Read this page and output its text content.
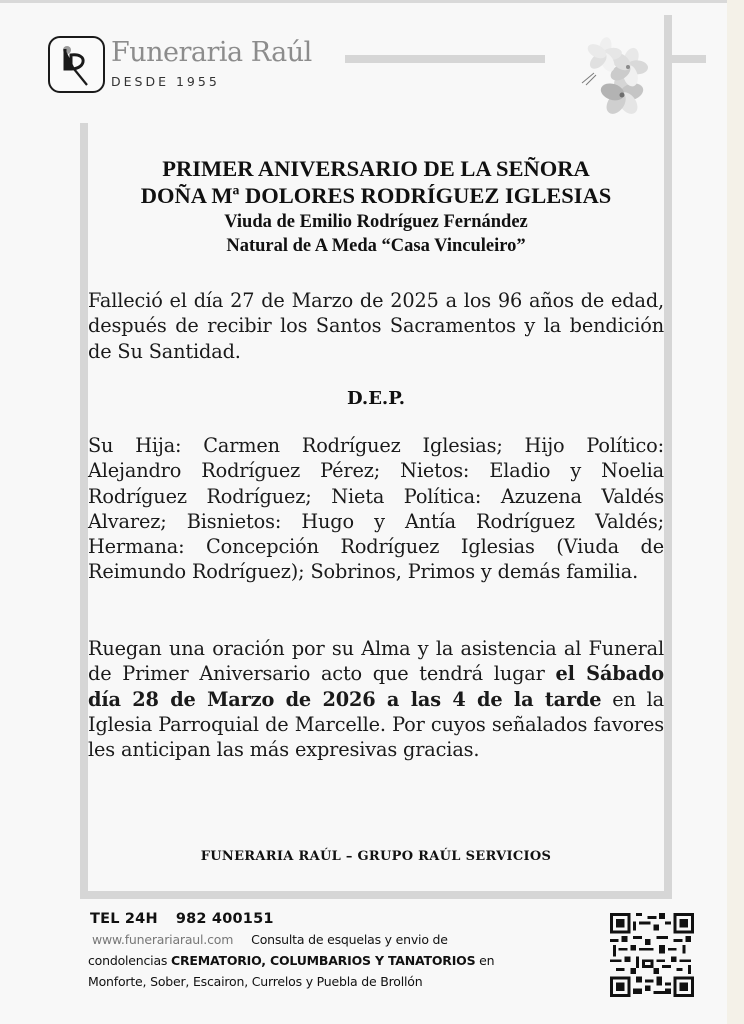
Funeraria Raúl
DESDE 1955
PRIMER ANIVERSARIO DE LA SEÑORA
DOÑA Mª DOLORES RODRÍGUEZ IGLESIAS
Viuda de Emilio Rodríguez Fernández
Natural de A Meda “Casa Vinculeiro”
Falleció el día 27 de Marzo de 2025 a los 96 años de edad, después de recibir los Santos Sacramentos y la bendición de Su Santidad.
D.E.P.
Su Hija: Carmen Rodríguez Iglesias; Hijo Político: Alejandro Rodríguez Pérez; Nietos: Eladio y Noelia Rodríguez Rodríguez; Nieta Política: Azuzena Valdés Alvarez; Bisnietos: Hugo y Antía Rodríguez Valdés; Hermana: Concepción Rodríguez Iglesias (Viuda de Reimundo Rodríguez); Sobrinos, Primos y demás familia.
Ruegan una oración por su Alma y la asistencia al Funeral de Primer Aniversario acto que tendrá lugar el Sábado día 28 de Marzo de 2026 a las 4 de la tarde en la Iglesia Parroquial de Marcelle. Por cuyos señalados favores les anticipan las más expresivas gracias.
FUNERARIA RAÚL – GRUPO RAÚL SERVICIOS
TEL 24H 982 400151
www.funerariaraul.com Consulta de esquelas y envio de
condolencias CREMATORIO, COLUMBARIOS Y TANATORIOS en
Monforte, Sober, Escairon, Currelos y Puebla de Brollón
